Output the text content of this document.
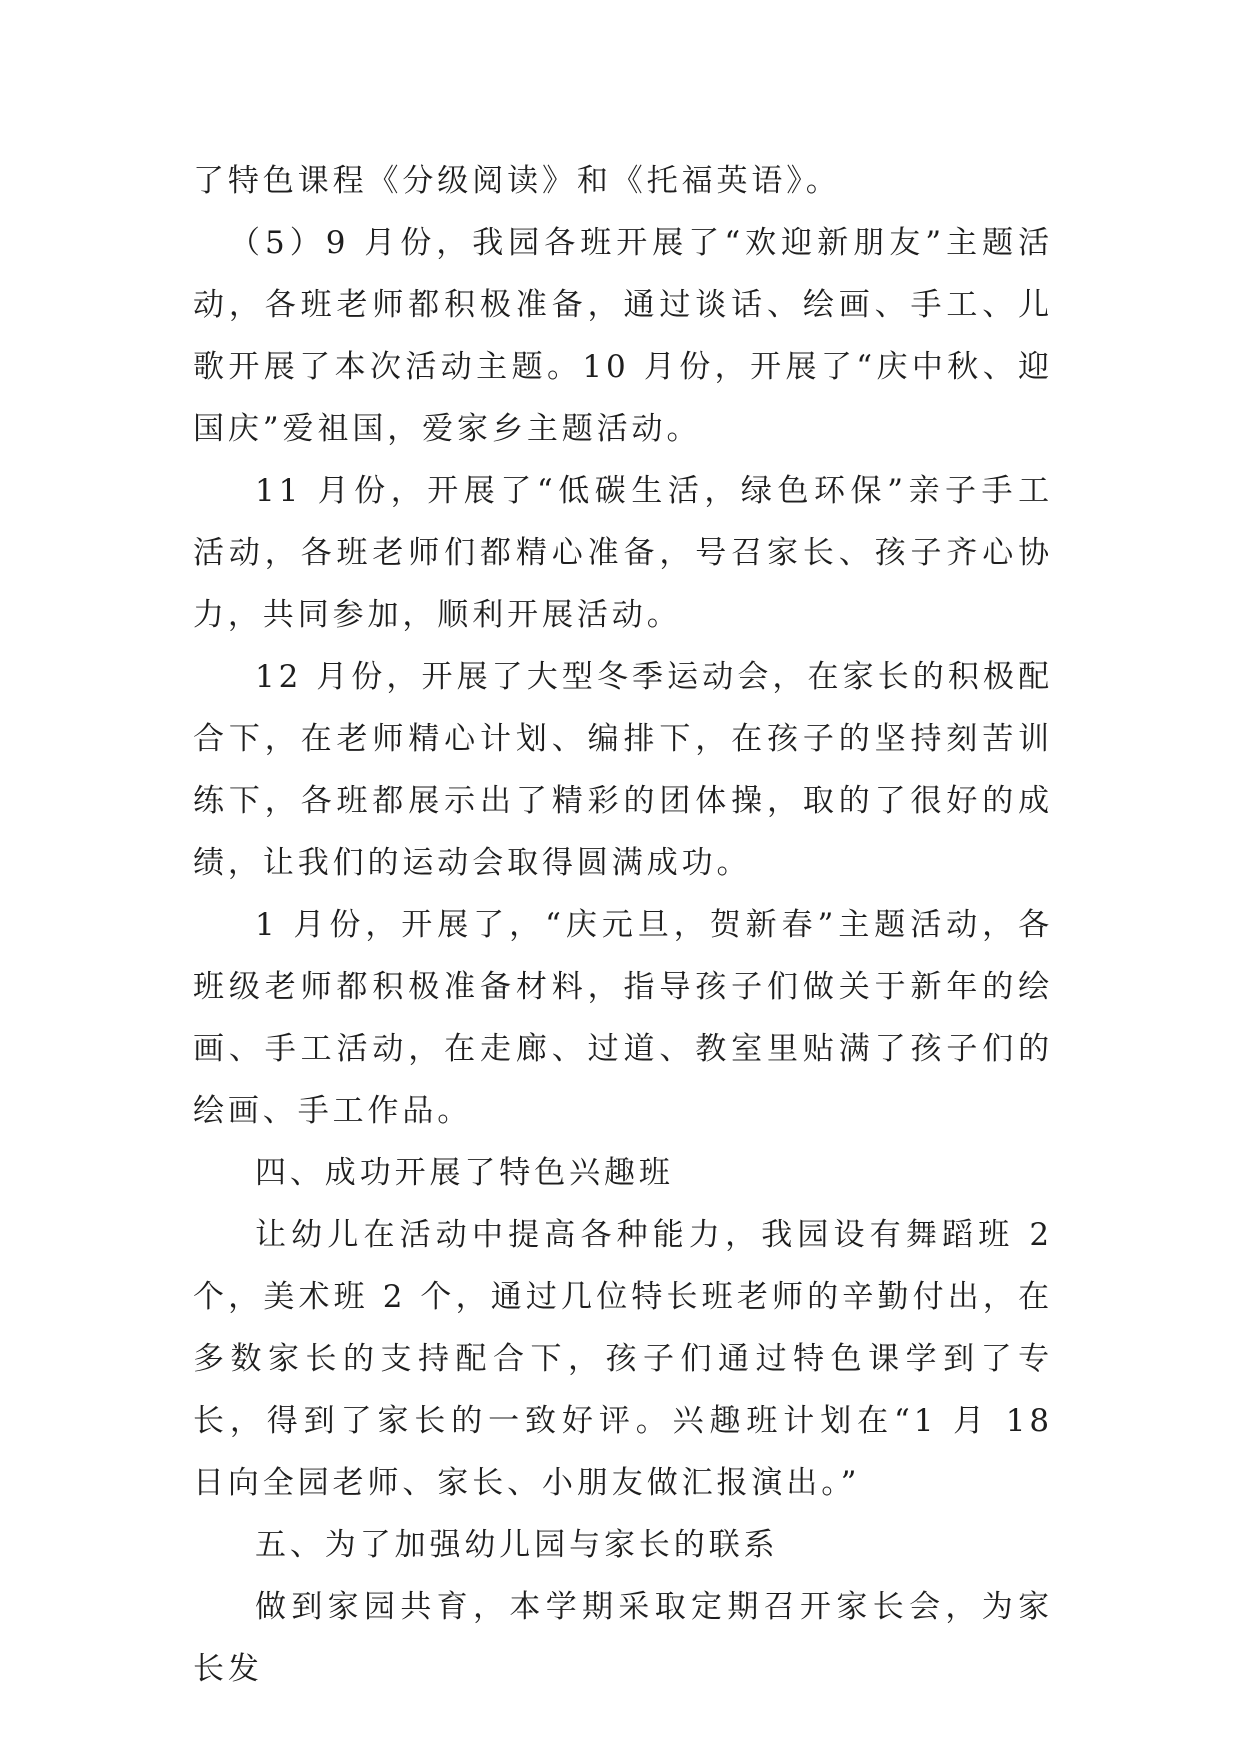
了特色课程《分级阅读》和《托福英语》。

（5）9 月份，我园各班开展了“欢迎新朋友”主题活动，各班老师都积极准备，通过谈话、绘画、手工、儿歌开展了本次活动主题。10 月份，开展了“庆中秋、迎国庆”爱祖国，爱家乡主题活动。

11 月份，开展了“低碳生活，绿色环保”亲子手工活动，各班老师们都精心准备，号召家长、孩子齐心协力，共同参加，顺利开展活动。

12 月份，开展了大型冬季运动会，在家长的积极配合下，在老师精心计划、编排下，在孩子的坚持刻苦训练下，各班都展示出了精彩的团体操，取的了很好的成绩，让我们的运动会取得圆满成功。

1 月份，开展了，“庆元旦，贺新春”主题活动，各班级老师都积极准备材料，指导孩子们做关于新年的绘画、手工活动，在走廊、过道、教室里贴满了孩子们的绘画、手工作品。

四、成功开展了特色兴趣班

让幼儿在活动中提高各种能力，我园设有舞蹈班 2 个，美术班 2 个，通过几位特长班老师的辛勤付出，在多数家长的支持配合下，孩子们通过特色课学到了专长，得到了家长的一致好评。兴趣班计划在“1 月 18 日向全园老师、家长、小朋友做汇报演出。”

五、为了加强幼儿园与家长的联系

做到家园共育，本学期采取定期召开家长会，为家长发
